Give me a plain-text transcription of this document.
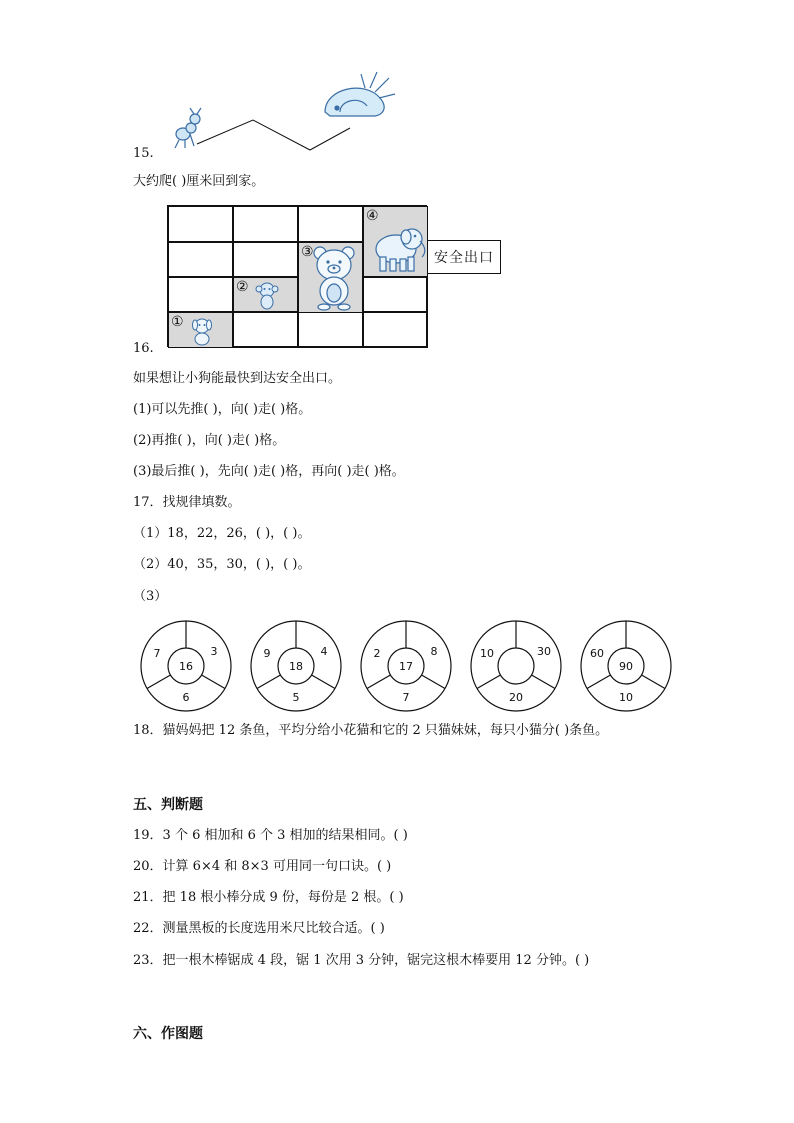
15.
大约爬( )厘米回到家。
④
③
②
①
安全出口
16.
如果想让小狗能最快到达安全出口。
(1)可以先推( )，向( )走( )格。
(2)再推( )，向( )走( )格。
(3)最后推( )，先向( )走( )格，再向( )走( )格。
17．找规律填数。
（1）18，22，26，( )，( )。
（2）40，35，30，( )，( )。
（3）
16
7	3
6
18
9	4
5
17
2	8
7
10	30
20
90
60
10
18．猫妈妈把 12 条鱼，平均分给小花猫和它的 2 只猫妹妹，每只小猫分( )条鱼。
五、判断题
19．3 个 6 相加和 6 个 3 相加的结果相同。( )
20．计算 6×4 和 8×3 可用同一句口诀。( )
21．把 18 根小棒分成 9 份，每份是 2 根。( )
22．测量黑板的长度选用米尺比较合适。( )
23．把一根木棒锯成 4 段，锯 1 次用 3 分钟，锯完这根木棒要用 12 分钟。( )
六、作图题
